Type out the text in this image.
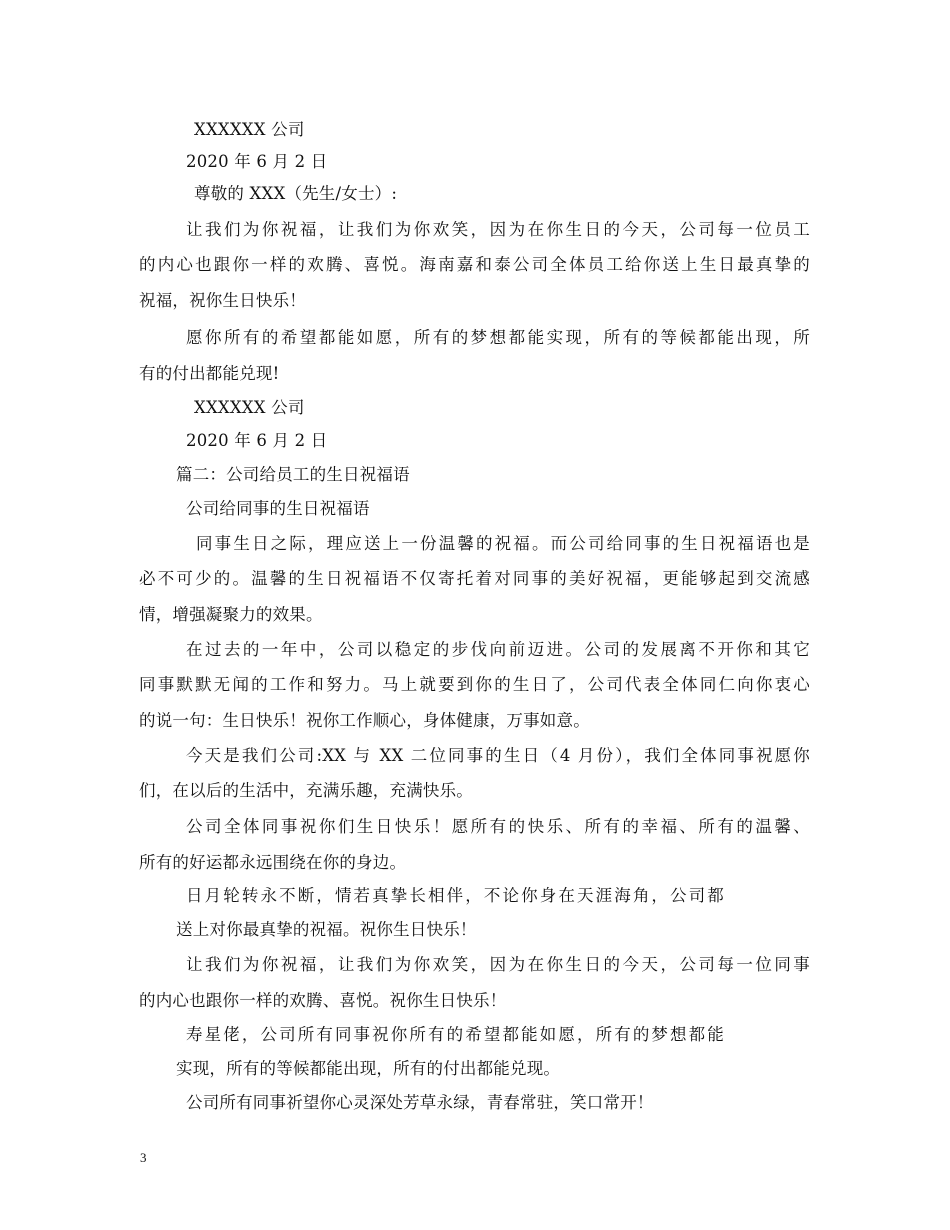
XXXXXX 公司
2020 年 6 月 2 日
尊敬的 XXX（先生/女士）:
让我们为你祝福，让我们为你欢笑，因为在你生日的今天，公司每一位员工
的内心也跟你一样的欢腾、喜悦。海南嘉和泰公司全体员工给你送上生日最真挚的
祝福，祝你生日快乐！
愿你所有的希望都能如愿，所有的梦想都能实现，所有的等候都能出现，所
有的付出都能兑现!
XXXXXX 公司
2020 年 6 月 2 日
篇二：公司给员工的生日祝福语
公司给同事的生日祝福语
同事生日之际，理应送上一份温馨的祝福。而公司给同事的生日祝福语也是
必不可少的。温馨的生日祝福语不仅寄托着对同事的美好祝福，更能够起到交流感
情，增强凝聚力的效果。
在过去的一年中，公司以稳定的步伐向前迈进。公司的发展离不开你和其它
同事默默无闻的工作和努力。马上就要到你的生日了，公司代表全体同仁向你衷心
的说一句：生日快乐！祝你工作顺心，身体健康，万事如意。
今天是我们公司:XX 与 XX 二位同事的生日（4 月份），我们全体同事祝愿你
们，在以后的生活中，充满乐趣，充满快乐。
公司全体同事祝你们生日快乐！愿所有的快乐、所有的幸福、所有的温馨、
所有的好运都永远围绕在你的身边。
日月轮转永不断，情若真挚长相伴，不论你身在天涯海角，公司都
送上对你最真挚的祝福。祝你生日快乐！
让我们为你祝福，让我们为你欢笑，因为在你生日的今天，公司每一位同事
的内心也跟你一样的欢腾、喜悦。祝你生日快乐！
寿星佬，公司所有同事祝你所有的希望都能如愿，所有的梦想都能
实现，所有的等候都能出现，所有的付出都能兑现。
公司所有同事祈望你心灵深处芳草永绿，青春常驻，笑口常开！
3
